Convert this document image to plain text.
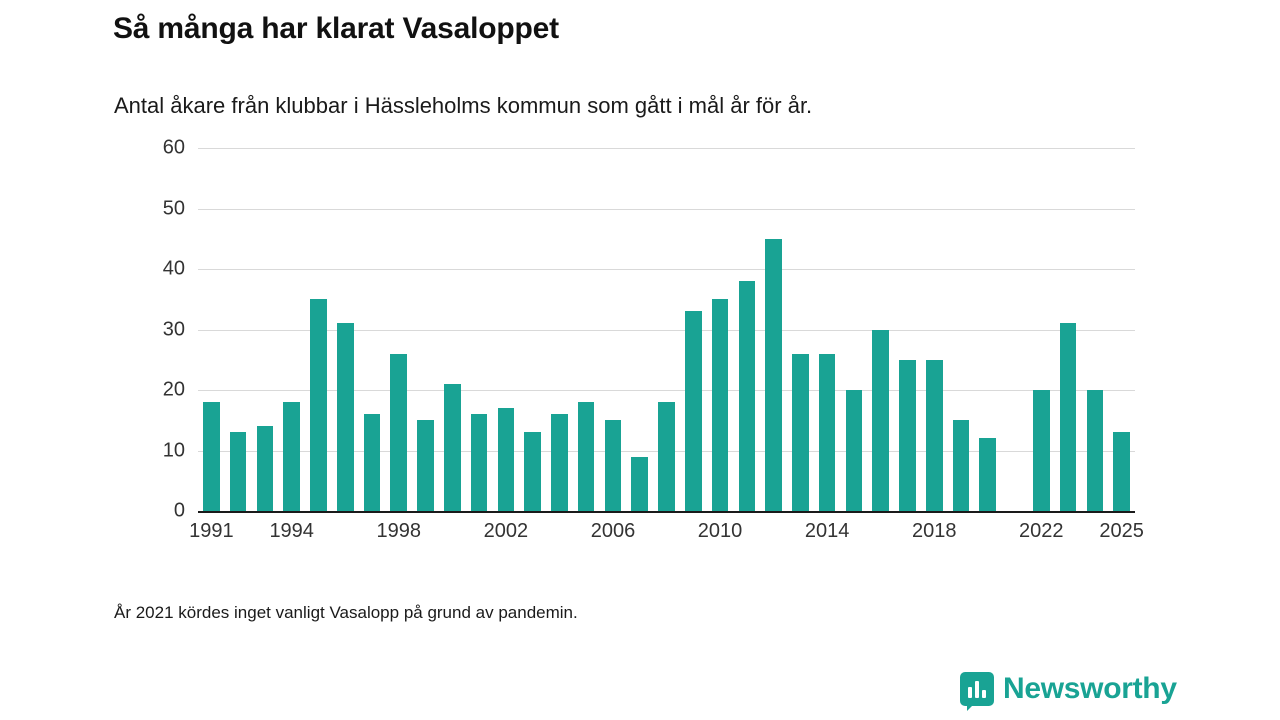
Så många har klarat Vasaloppet
Antal åkare från klubbar i Hässleholms kommun som gått i mål år för år.
0
10
20
30
40
50
60
1991 1994	1998	2002	2006	2010	2014	2018	2022 2025
År 2021 kördes inget vanligt Vasalopp på grund av pandemin.
Newsworthy
